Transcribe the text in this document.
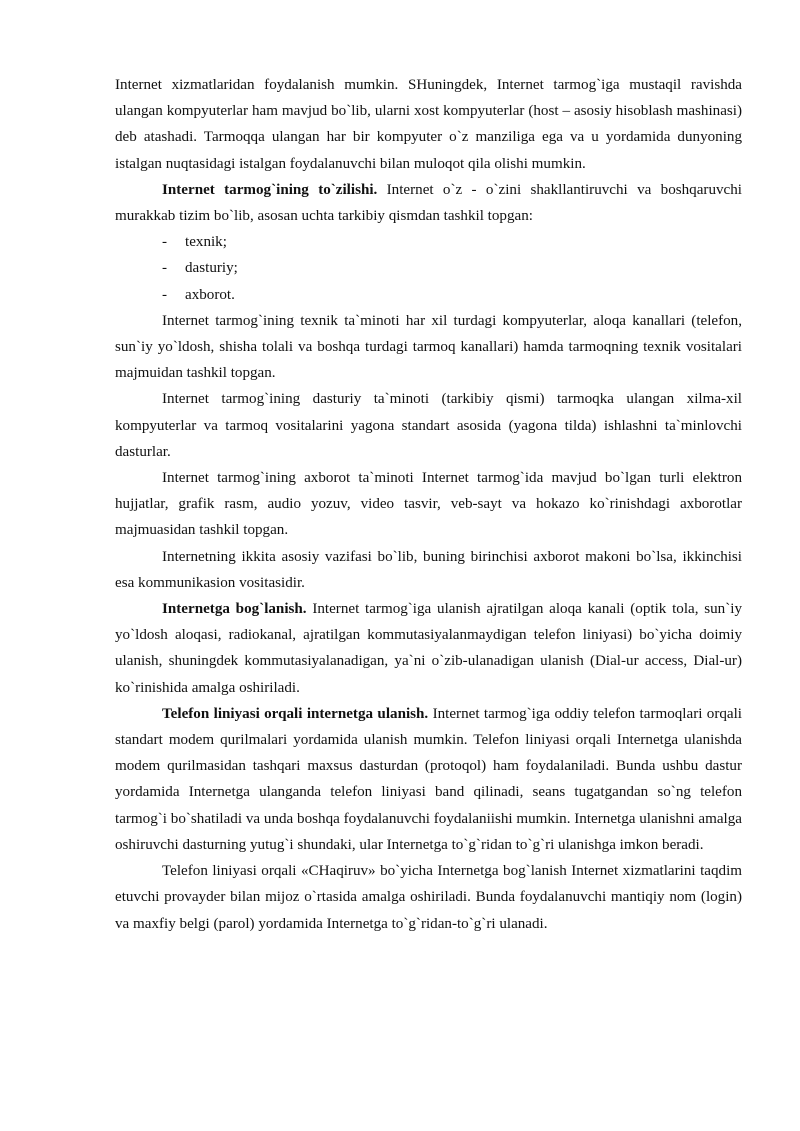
Internet xizmatlaridan foydalanish mumkin. SHuningdek, Internet tarmog`iga mustaqil ravishda ulangan kompyuterlar ham mavjud bo`lib, ularni xost kompyuterlar (host – asosiy hisoblash mashinasi) deb atashadi. Tarmoqqa ulangan har bir kompyuter o`z manziliga ega va u yordamida dunyoning istalgan nuqtasidagi istalgan foydalanuvchi bilan muloqot qila olishi mumkin.

Internet tarmog`ining to`zilishi. Internet o`z - o`zini shakllantiruvchi va boshqaruvchi murakkab tizim bo`lib, asosan uchta tarkibiy qismdan tashkil topgan:

- texnik;
- dasturiy;
- axborot.

Internet tarmog`ining texnik ta`minoti har xil turdagi kompyuterlar, aloqa kanallari (telefon, sun`iy yo`ldosh, shisha tolali va boshqa turdagi tarmoq kanallari) hamda tarmoqning texnik vositalari majmuidan tashkil topgan.

Internet tarmog`ining dasturiy ta`minoti (tarkibiy qismi) tarmoqka ulangan xilma-xil kompyuterlar va tarmoq vositalarini yagona standart asosida (yagona tilda) ishlashni ta`minlovchi dasturlar.

Internet tarmog`ining axborot ta`minoti Internet tarmog`ida mavjud bo`lgan turli elektron hujjatlar, grafik rasm, audio yozuv, video tasvir, veb-sayt va hokazo ko`rinishdagi axborotlar majmuasidan tashkil topgan.

Internetning ikkita asosiy vazifasi bo`lib, buning birinchisi axborot makoni bo`lsa, ikkinchisi esa kommunikasion vositasidir.

Internetga bog`lanish. Internet tarmog`iga ulanish ajratilgan aloqa kanali (optik tola, sun`iy yo`ldosh aloqasi, radiokanal, ajratilgan kommutasiyalanmaydigan telefon liniyasi) bo`yicha doimiy ulanish, shuningdek kommutasiyalanadigan, ya`ni o`zib-ulanadigan ulanish (Dial-ur access, Dial-ur) ko`rinishida amalga oshiriladi.

Telefon liniyasi orqali internetga ulanish. Internet tarmog`iga oddiy telefon tarmoqlari orqali standart modem qurilmalari yordamida ulanish mumkin. Telefon liniyasi orqali Internetga ulanishda modem qurilmasidan tashqari maxsus dasturdan (protoqol) ham foydalaniladi. Bunda ushbu dastur yordamida Internetga ulanganda telefon liniyasi band qilinadi, seans tugatgandan so`ng telefon tarmog`i bo`shatiladi va unda boshqa foydalanuvchi foydalaniishi mumkin. Internetga ulanishni amalga oshiruvchi dasturning yutug`i shundaki, ular Internetga to`g`ridan to`g`ri ulanishga imkon beradi.

Telefon liniyasi orqali «CHaqiruv» bo`yicha Internetga bog`lanish Internet xizmatlarini taqdim etuvchi provayder bilan mijoz o`rtasida amalga oshiriladi. Bunda foydalanuvchi mantiqiy nom (login) va maxfiy belgi (parol) yordamida Internetga to`g`ridan-to`g`ri ulanadi.
